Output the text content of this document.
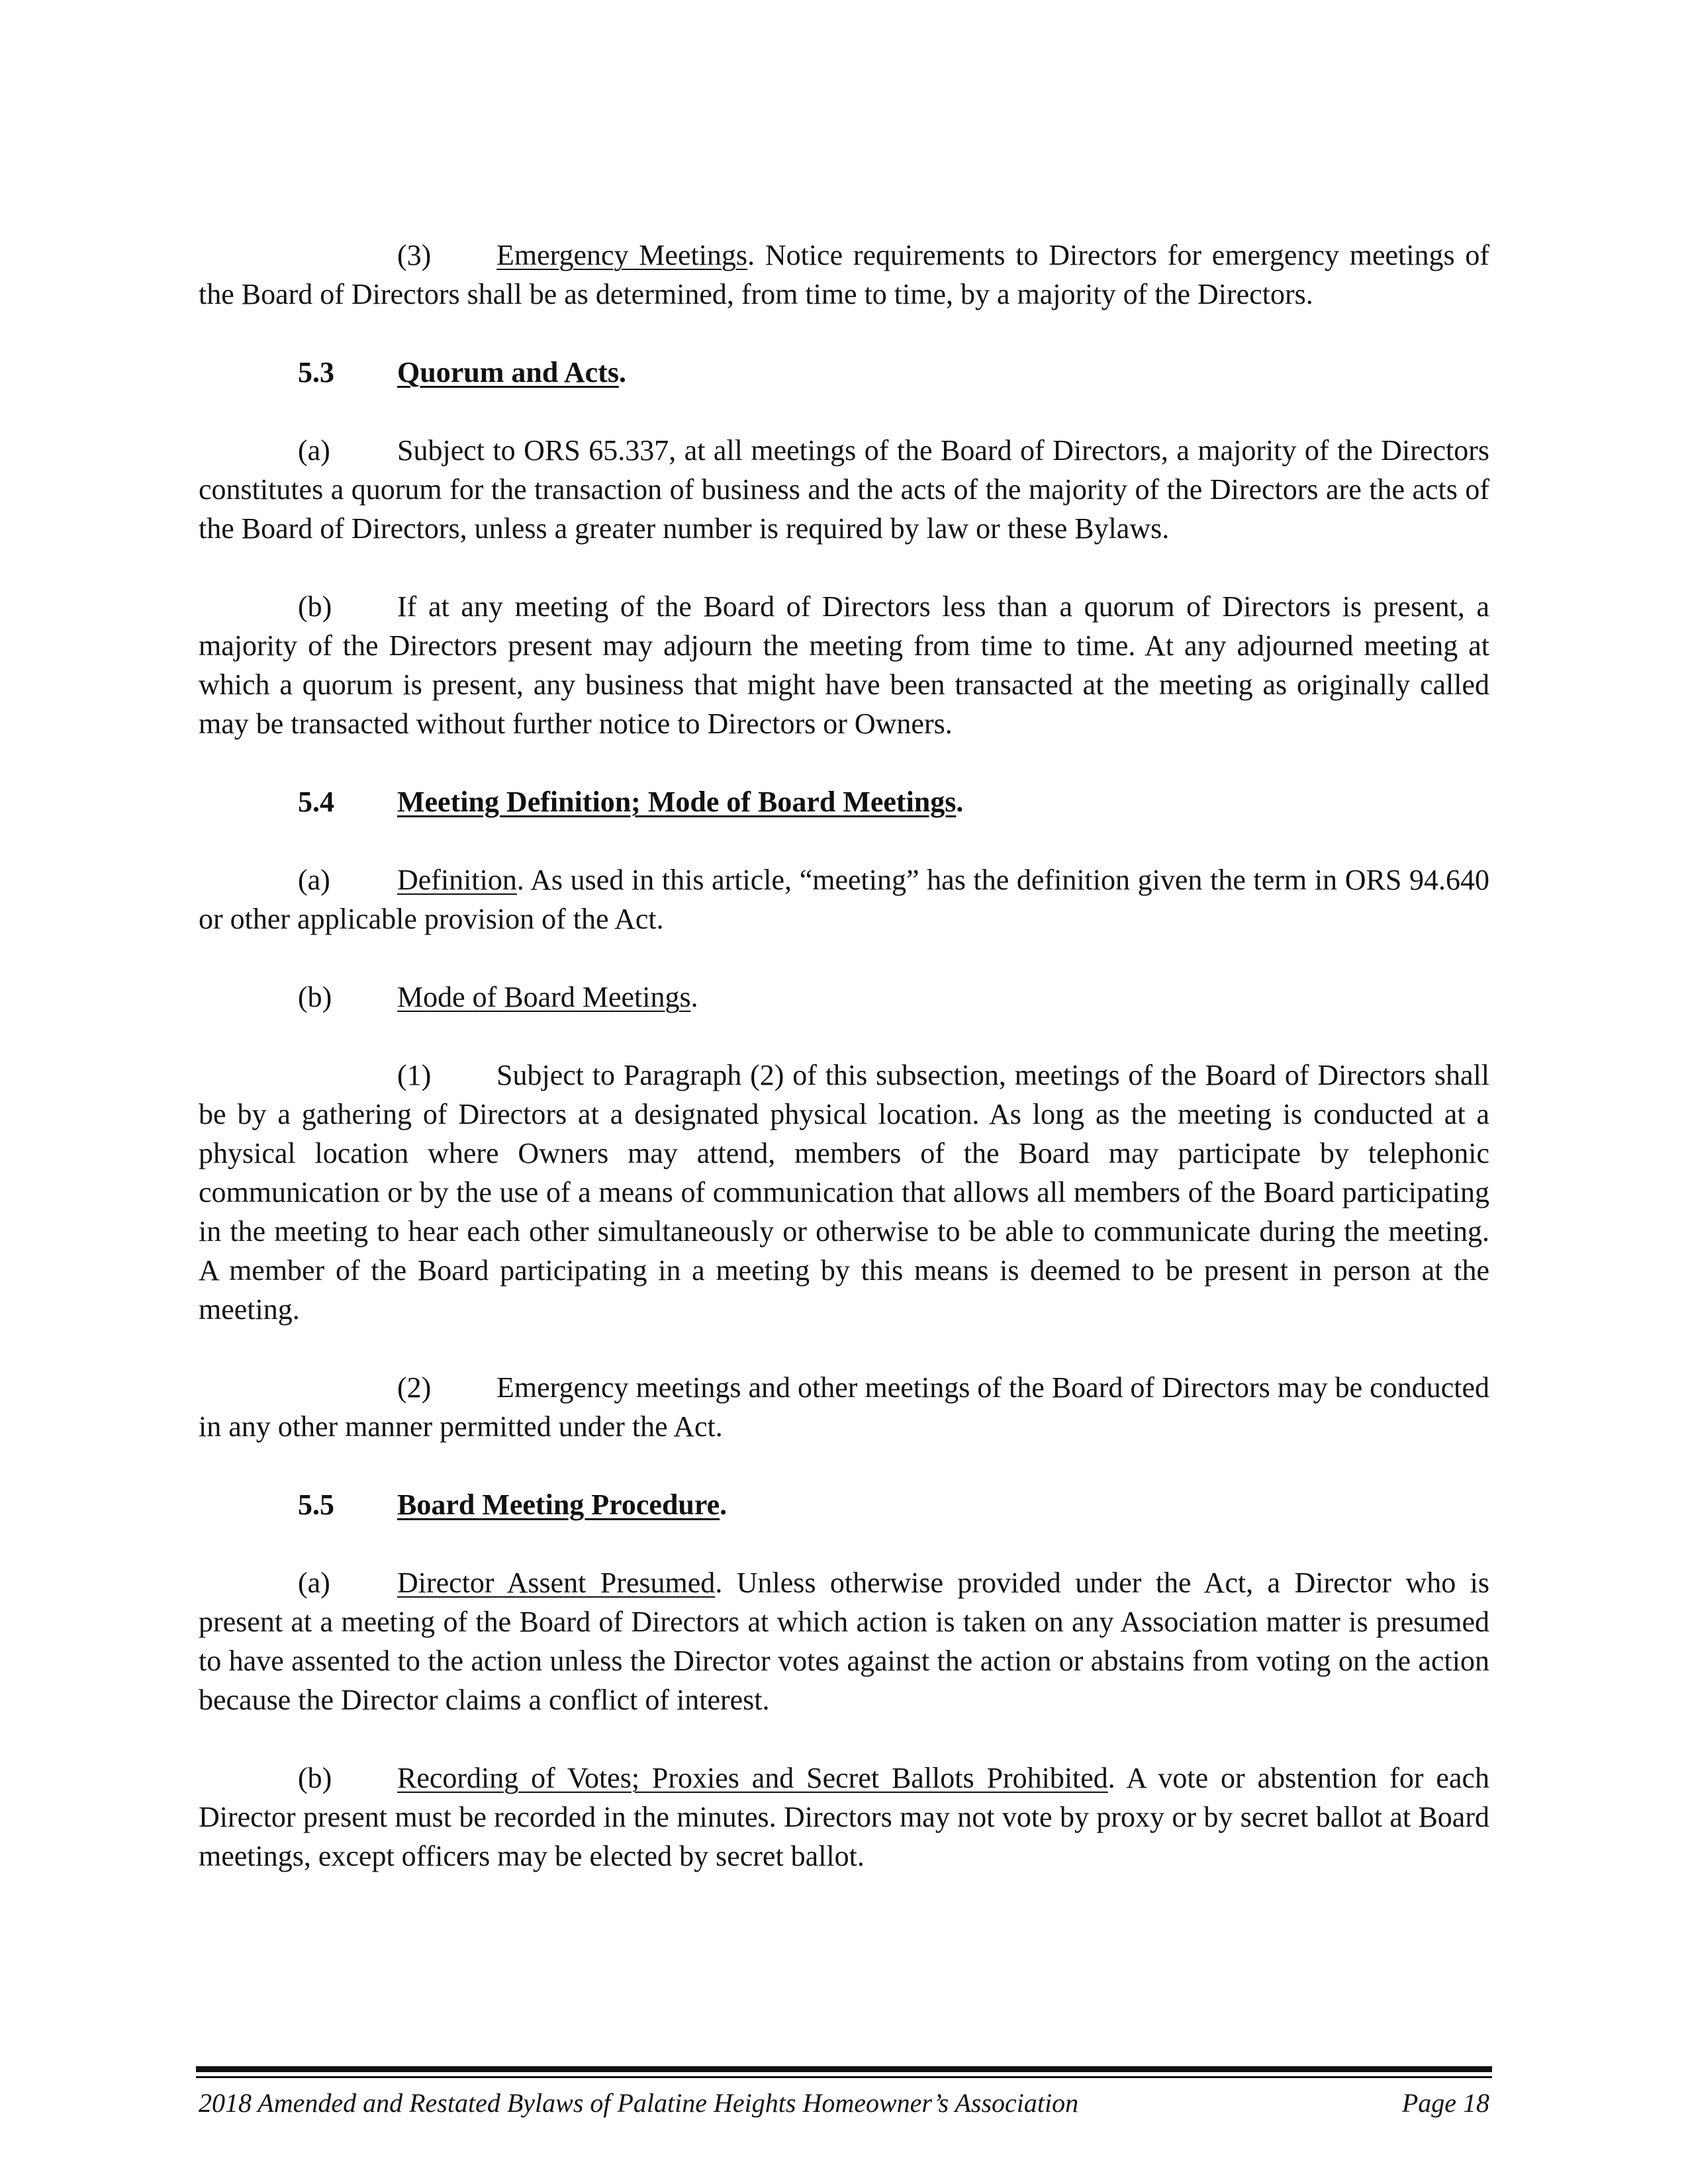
(3) Emergency Meetings. Notice requirements to Directors for emergency meetings of the Board of Directors shall be as determined, from time to time, by a majority of the Directors.

5.3 Quorum and Acts.

(a) Subject to ORS 65.337, at all meetings of the Board of Directors, a majority of the Directors constitutes a quorum for the transaction of business and the acts of the majority of the Directors are the acts of the Board of Directors, unless a greater number is required by law or these Bylaws.

(b) If at any meeting of the Board of Directors less than a quorum of Directors is present, a majority of the Directors present may adjourn the meeting from time to time. At any adjourned meeting at which a quorum is present, any business that might have been transacted at the meeting as originally called may be transacted without further notice to Directors or Owners.

5.4 Meeting Definition; Mode of Board Meetings.

(a) Definition. As used in this article, “meeting” has the definition given the term in ORS 94.640 or other applicable provision of the Act.

(b) Mode of Board Meetings.

(1) Subject to Paragraph (2) of this subsection, meetings of the Board of Directors shall be by a gathering of Directors at a designated physical location. As long as the meeting is conducted at a physical location where Owners may attend, members of the Board may participate by telephonic communication or by the use of a means of communication that allows all members of the Board participating in the meeting to hear each other simultaneously or otherwise to be able to communicate during the meeting. A member of the Board participating in a meeting by this means is deemed to be present in person at the meeting.

(2) Emergency meetings and other meetings of the Board of Directors may be conducted in any other manner permitted under the Act.

5.5 Board Meeting Procedure.

(a) Director Assent Presumed. Unless otherwise provided under the Act, a Director who is present at a meeting of the Board of Directors at which action is taken on any Association matter is presumed to have assented to the action unless the Director votes against the action or abstains from voting on the action because the Director claims a conflict of interest.

(b) Recording of Votes; Proxies and Secret Ballots Prohibited. A vote or abstention for each Director present must be recorded in the minutes. Directors may not vote by proxy or by secret ballot at Board meetings, except officers may be elected by secret ballot.

2018 Amended and Restated Bylaws of Palatine Heights Homeowner’s Association	Page 18
